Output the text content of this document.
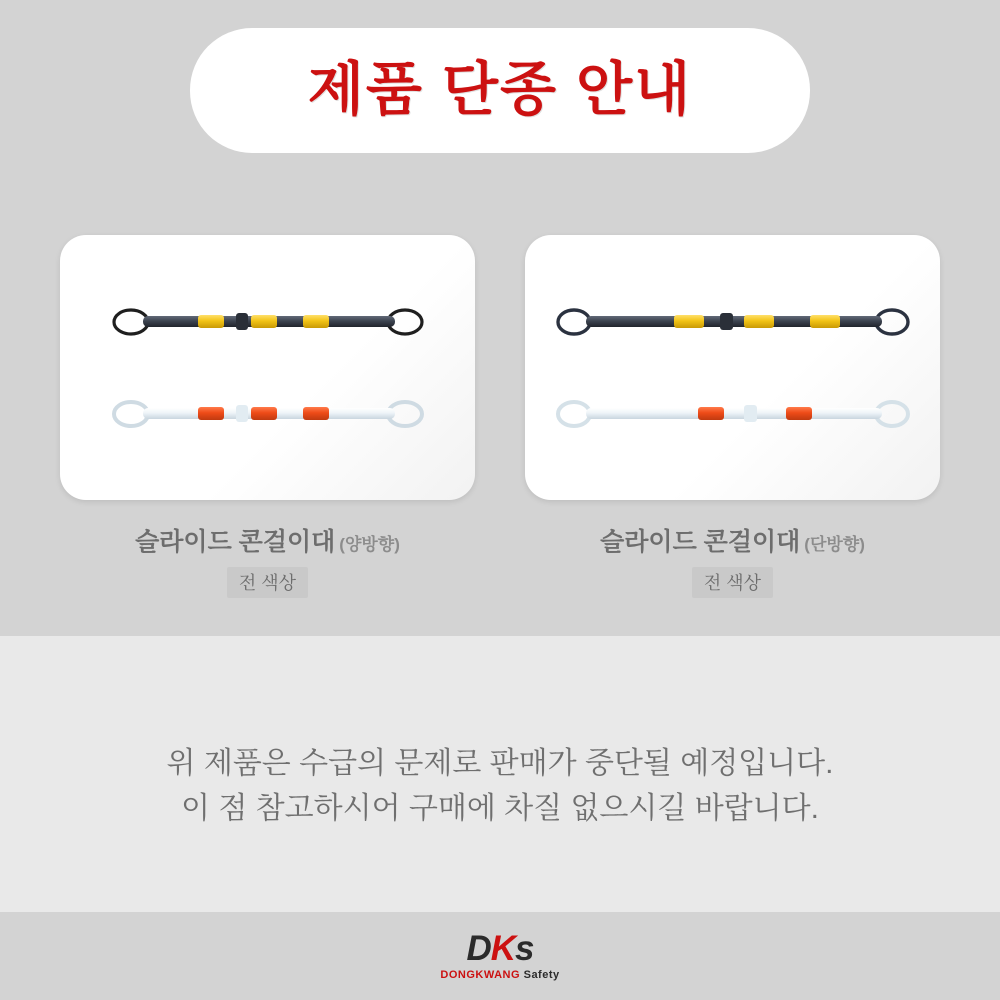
제품 단종 안내
슬라이드 콘걸이대 (양방향)
전 색상
슬라이드 콘걸이대 (단방향)
전 색상
위 제품은 수급의 문제로 판매가 중단될 예정입니다.
이 점 참고하시어 구매에 차질 없으시길 바랍니다.
DKs
DONGKWANG Safety
